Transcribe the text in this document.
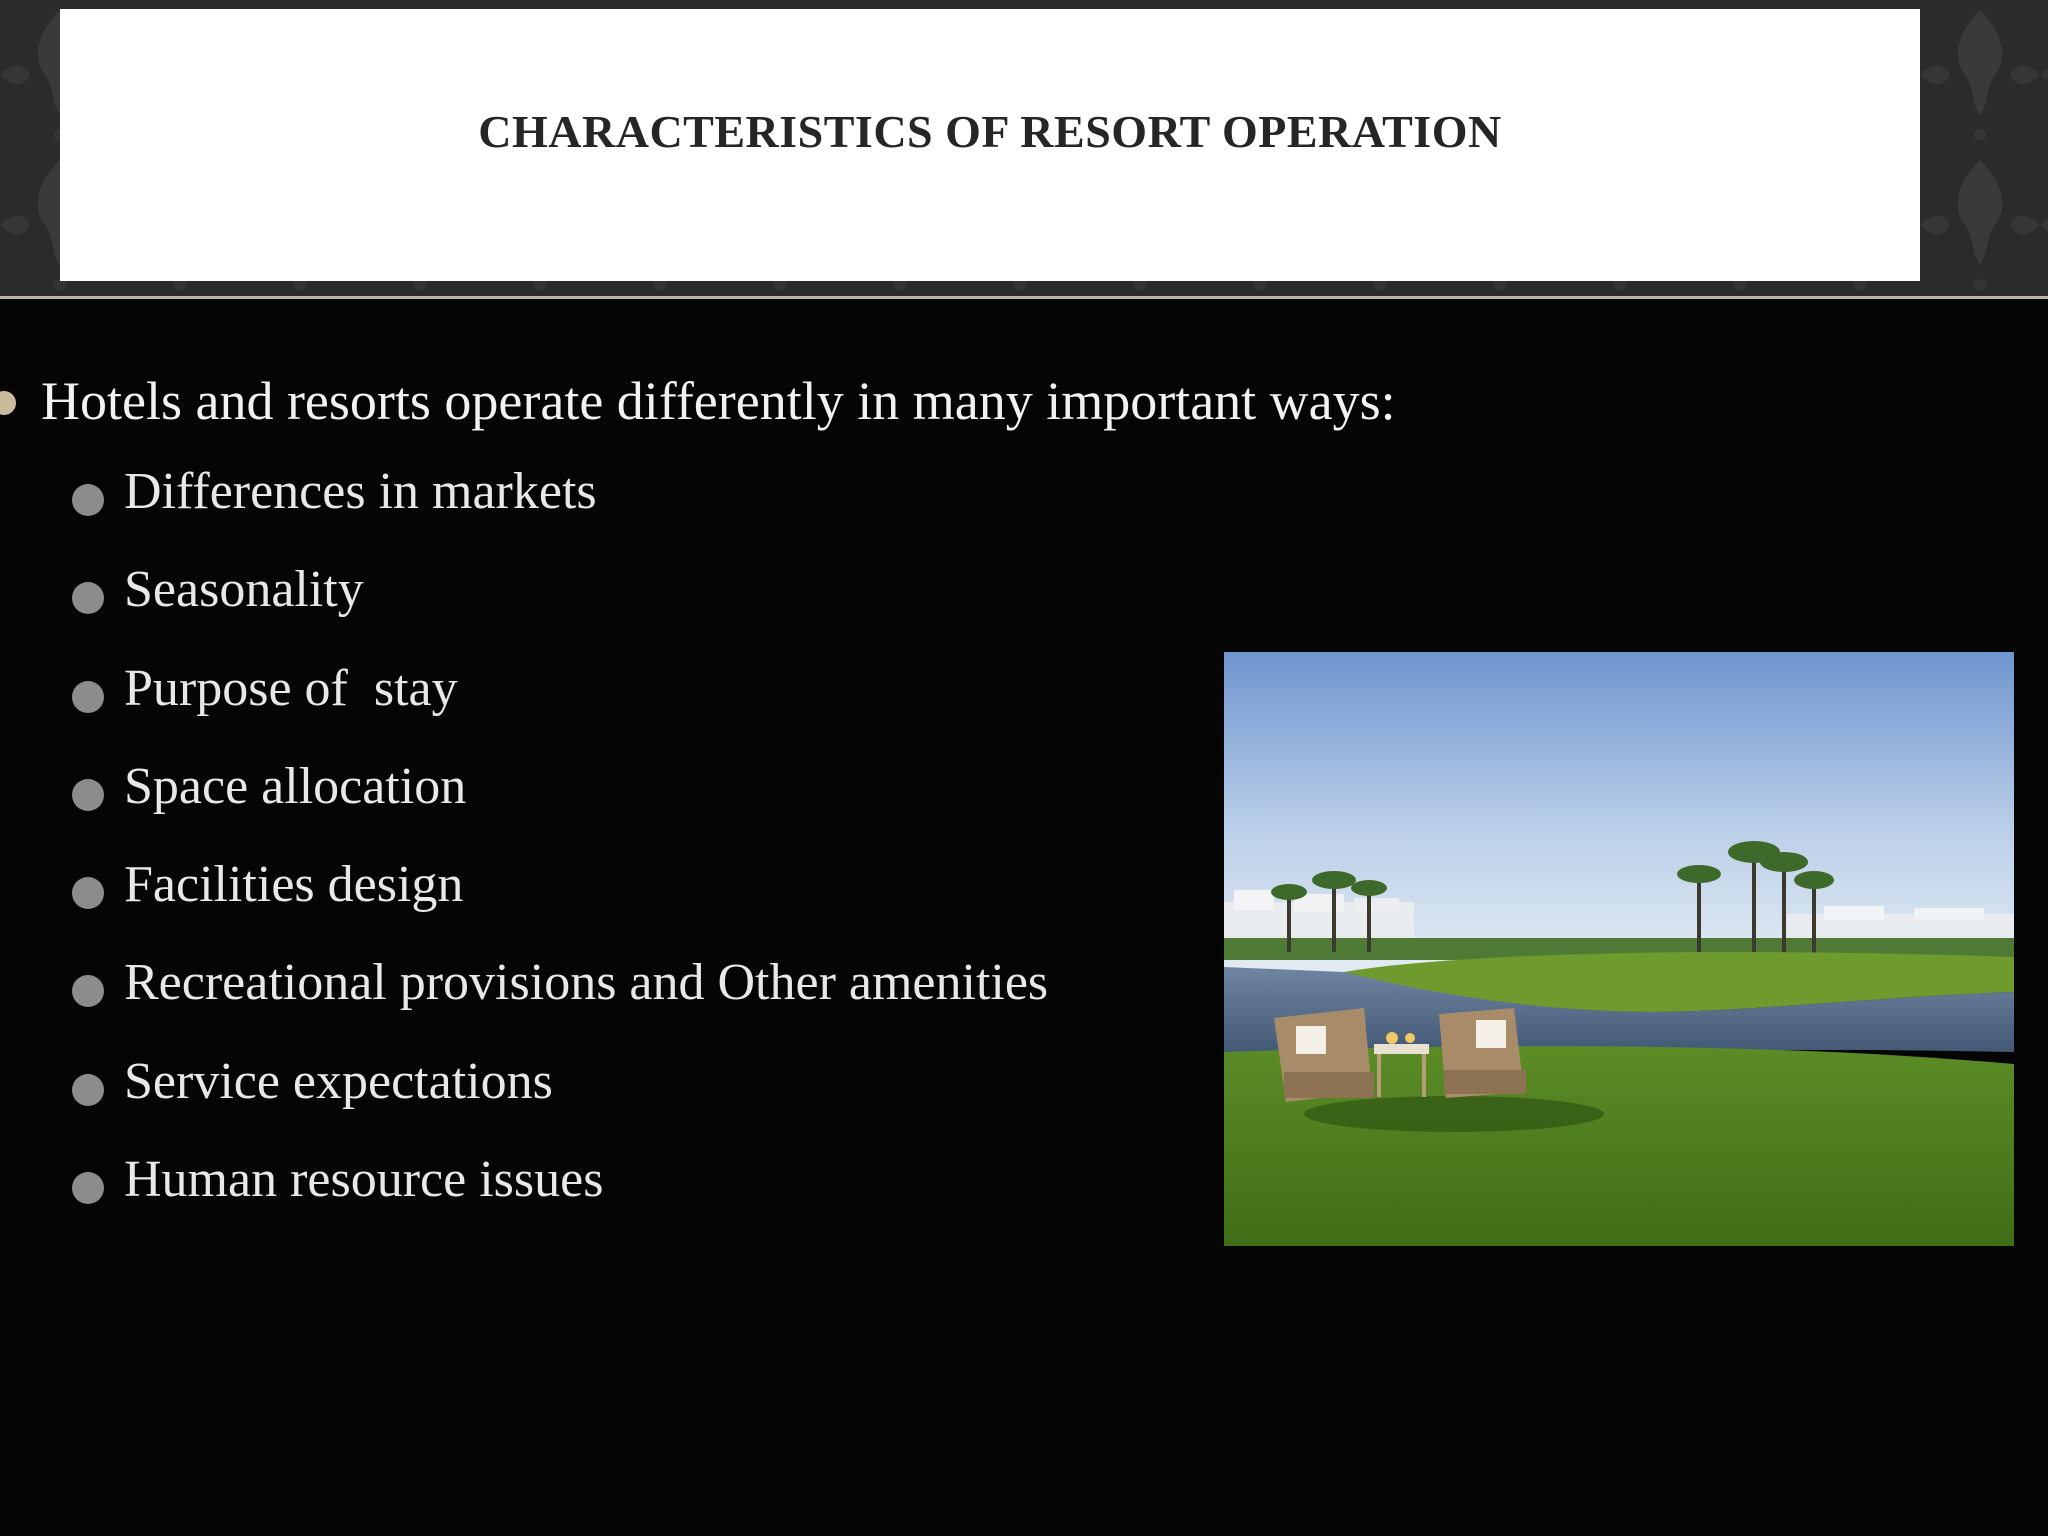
CHARACTERISTICS OF RESORT OPERATION
Hotels and resorts operate differently in many important ways:
Differences in markets
Seasonality
Purpose of  stay
Space allocation
Facilities design
Recreational provisions and Other amenities
Service expectations
Human resource issues
